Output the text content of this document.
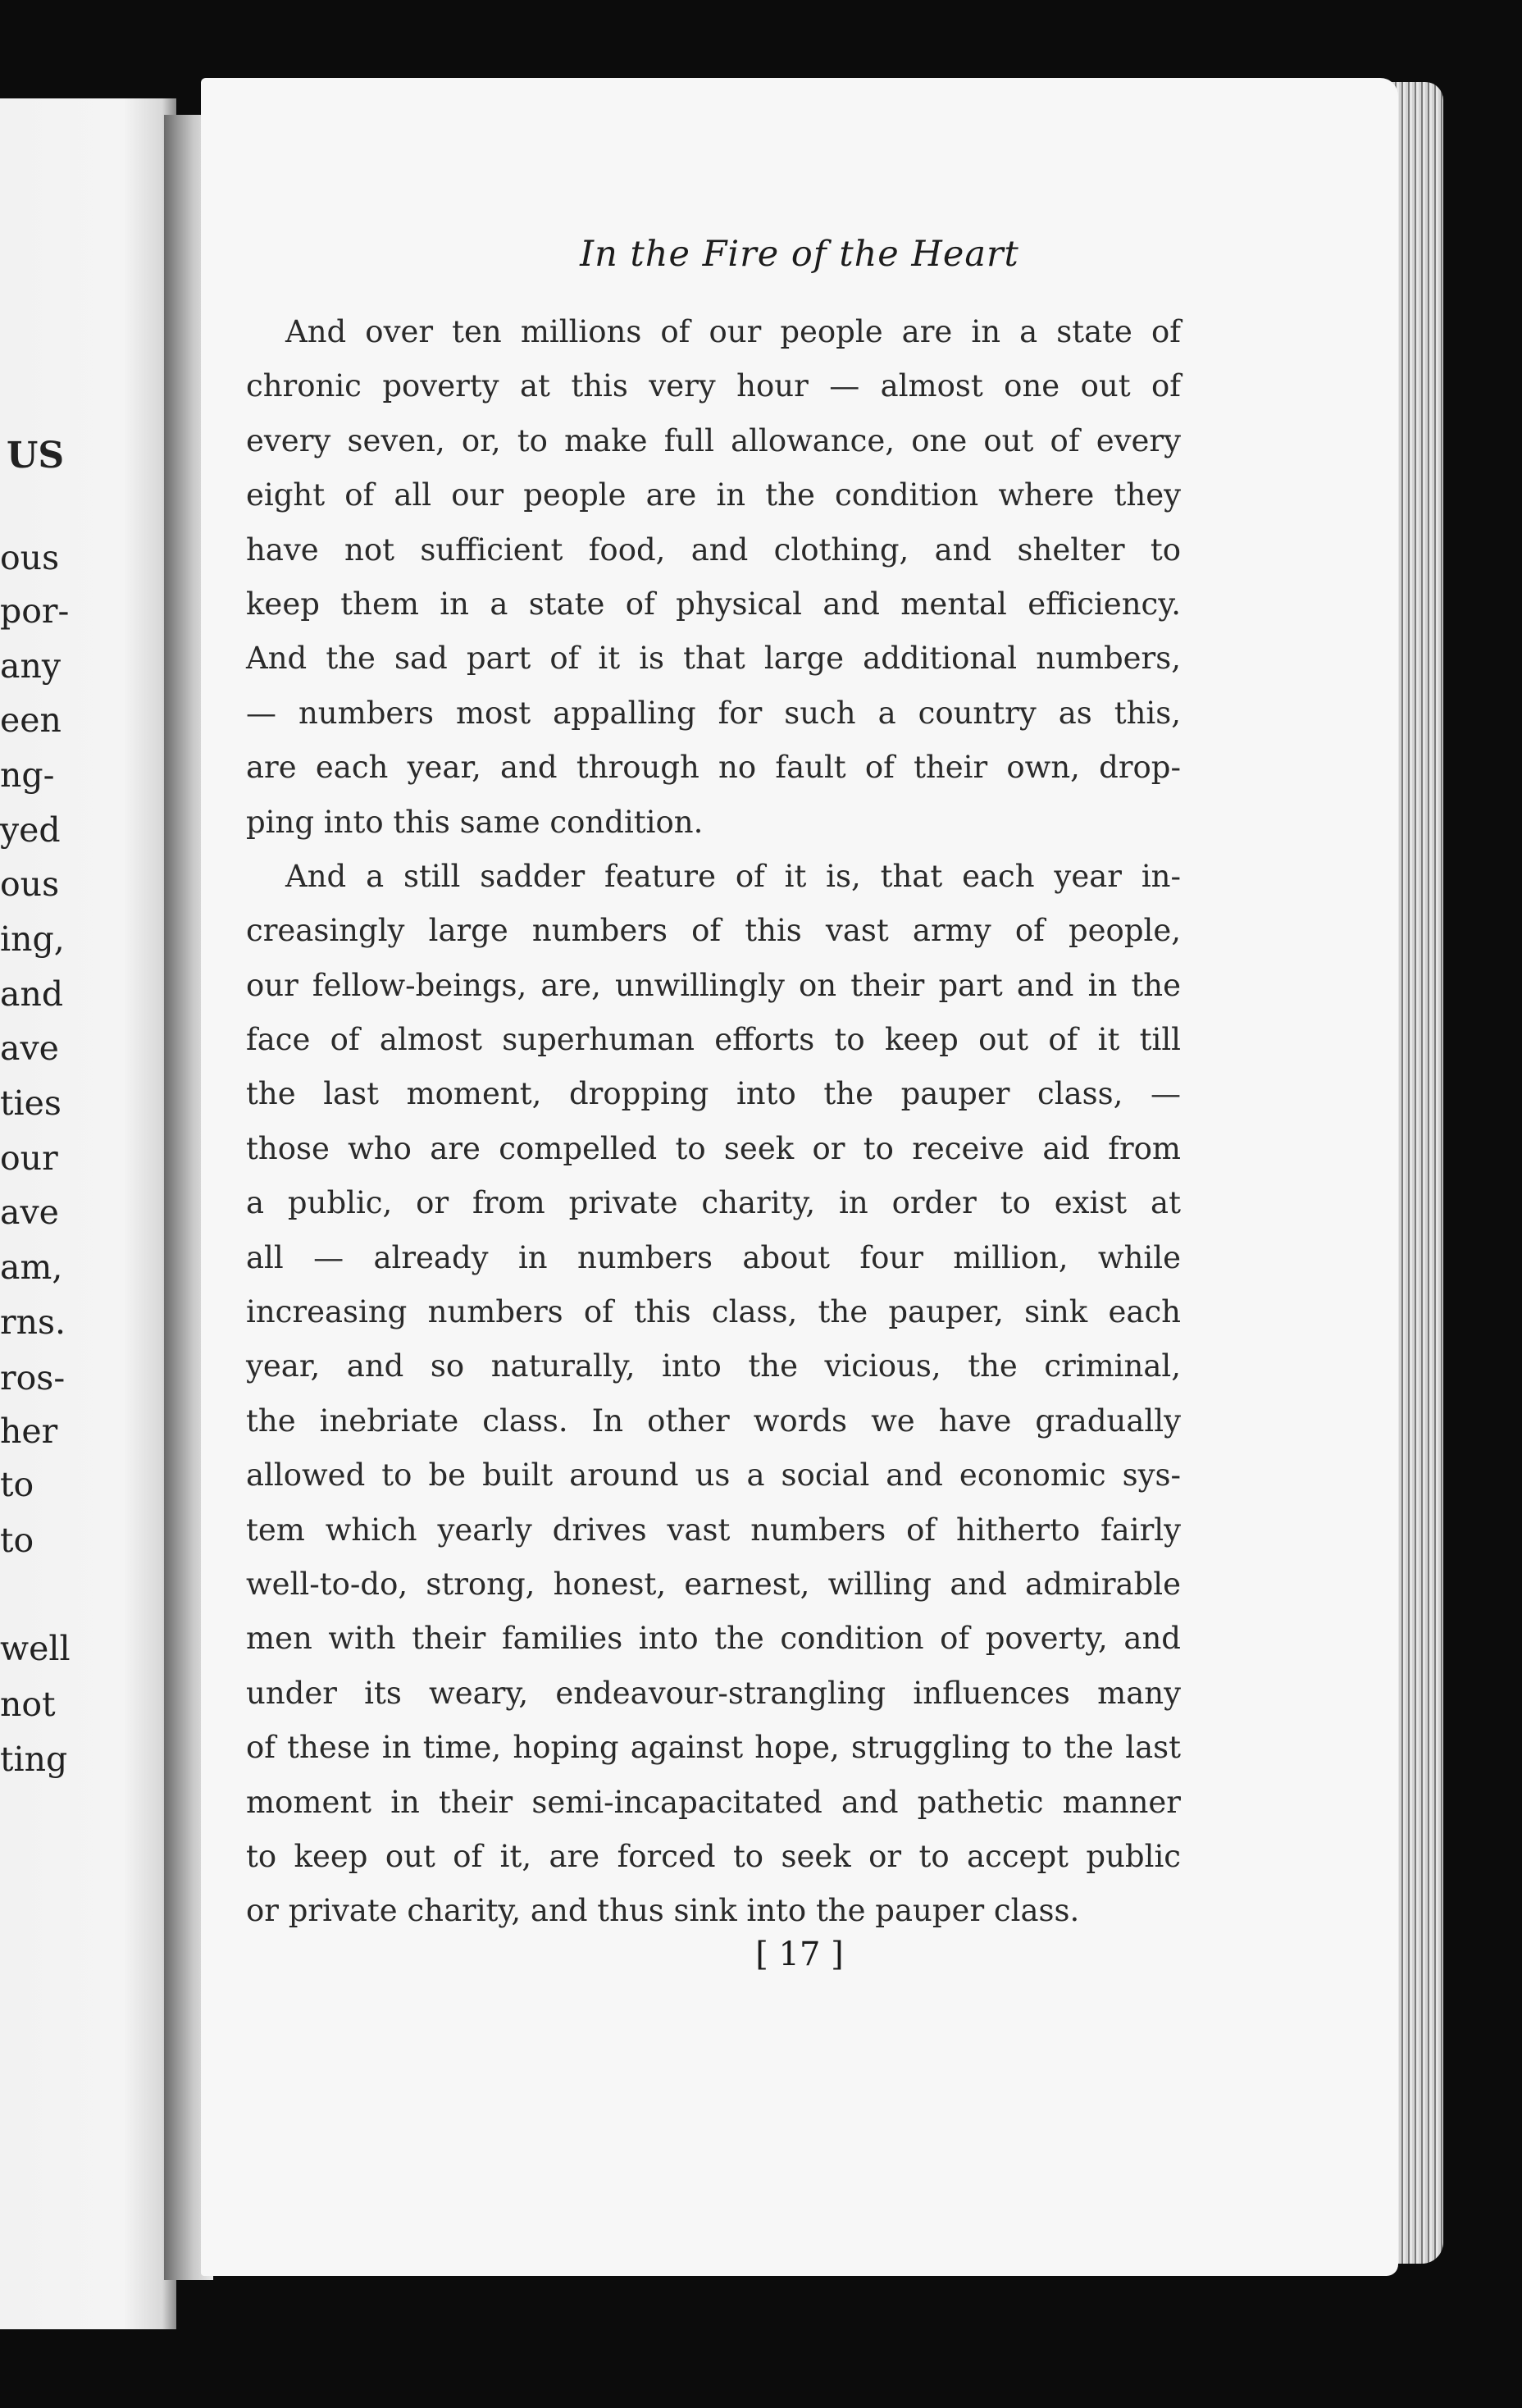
US
ous
por-
any
een
ng-
yed
ous
ing,
and
ave
ties
our
ave
am,
rns.
ros-
her
to
to
well
not
ting
In the Fire of the Heart
And over ten millions of our people are in a state of
chronic poverty at this very hour — almost one out of
every seven, or, to make full allowance, one out of every
eight of all our people are in the condition where they
have not sufficient food, and clothing, and shelter to
keep them in a state of physical and mental efficiency.
And the sad part of it is that large additional numbers,
— numbers most appalling for such a country as this,
are each year, and through no fault of their own, drop-
ping into this same condition.
And a still sadder feature of it is, that each year in-
creasingly large numbers of this vast army of people,
our fellow-beings, are, unwillingly on their part and in the
face of almost superhuman efforts to keep out of it till
the last moment, dropping into the pauper class, —
those who are compelled to seek or to receive aid from
a public, or from private charity, in order to exist at
all — already in numbers about four million, while
increasing numbers of this class, the pauper, sink each
year, and so naturally, into the vicious, the criminal,
the inebriate class. In other words we have gradually
allowed to be built around us a social and economic sys-
tem which yearly drives vast numbers of hitherto fairly
well-to-do, strong, honest, earnest, willing and admirable
men with their families into the condition of poverty, and
under its weary, endeavour-strangling influences many
of these in time, hoping against hope, struggling to the last
moment in their semi-incapacitated and pathetic manner
to keep out of it, are forced to seek or to accept public
or private charity, and thus sink into the pauper class.
[ 17 ]
